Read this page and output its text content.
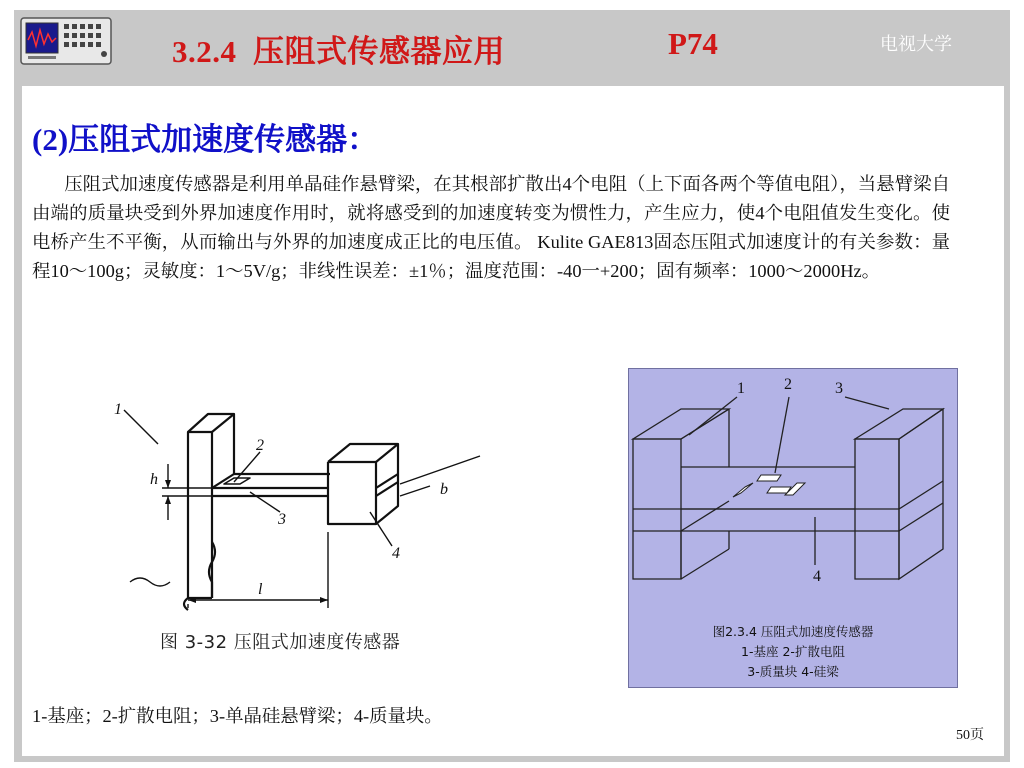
3.2.4  压阻式传感器应用	P74	电视大学
(2)压阻式加速度传感器：

压阻式加速度传感器是利用单晶硅作悬臂梁，在其根部扩散出4个电阻（上下面各两个等值电阻），当悬臂梁自由端的质量块受到外界加速度作用时，就将感受到的加速度转变为惯性力，产生应力，使4个电阻值发生变化。使电桥产生不平衡，从而输出与外界的加速度成正比的电压值。 Kulite GAE813固态压阻式加速度计的有关参数：量程10～100g；灵敏度：1～5V/g；非线性误差：±1％；温度范围：-40一+200；固有频率：1000～2000Hz。

1
2
3
4
h
b
l
图 3-32 压阻式加速度传感器
1 2	3
4
图2.3.4 压阻式加速度传感器
1-基座 2-扩散电阻
3-质量块 4-硅梁
1-基座；2-扩散电阻；3-单晶硅悬臂梁；4-质量块。
50页
